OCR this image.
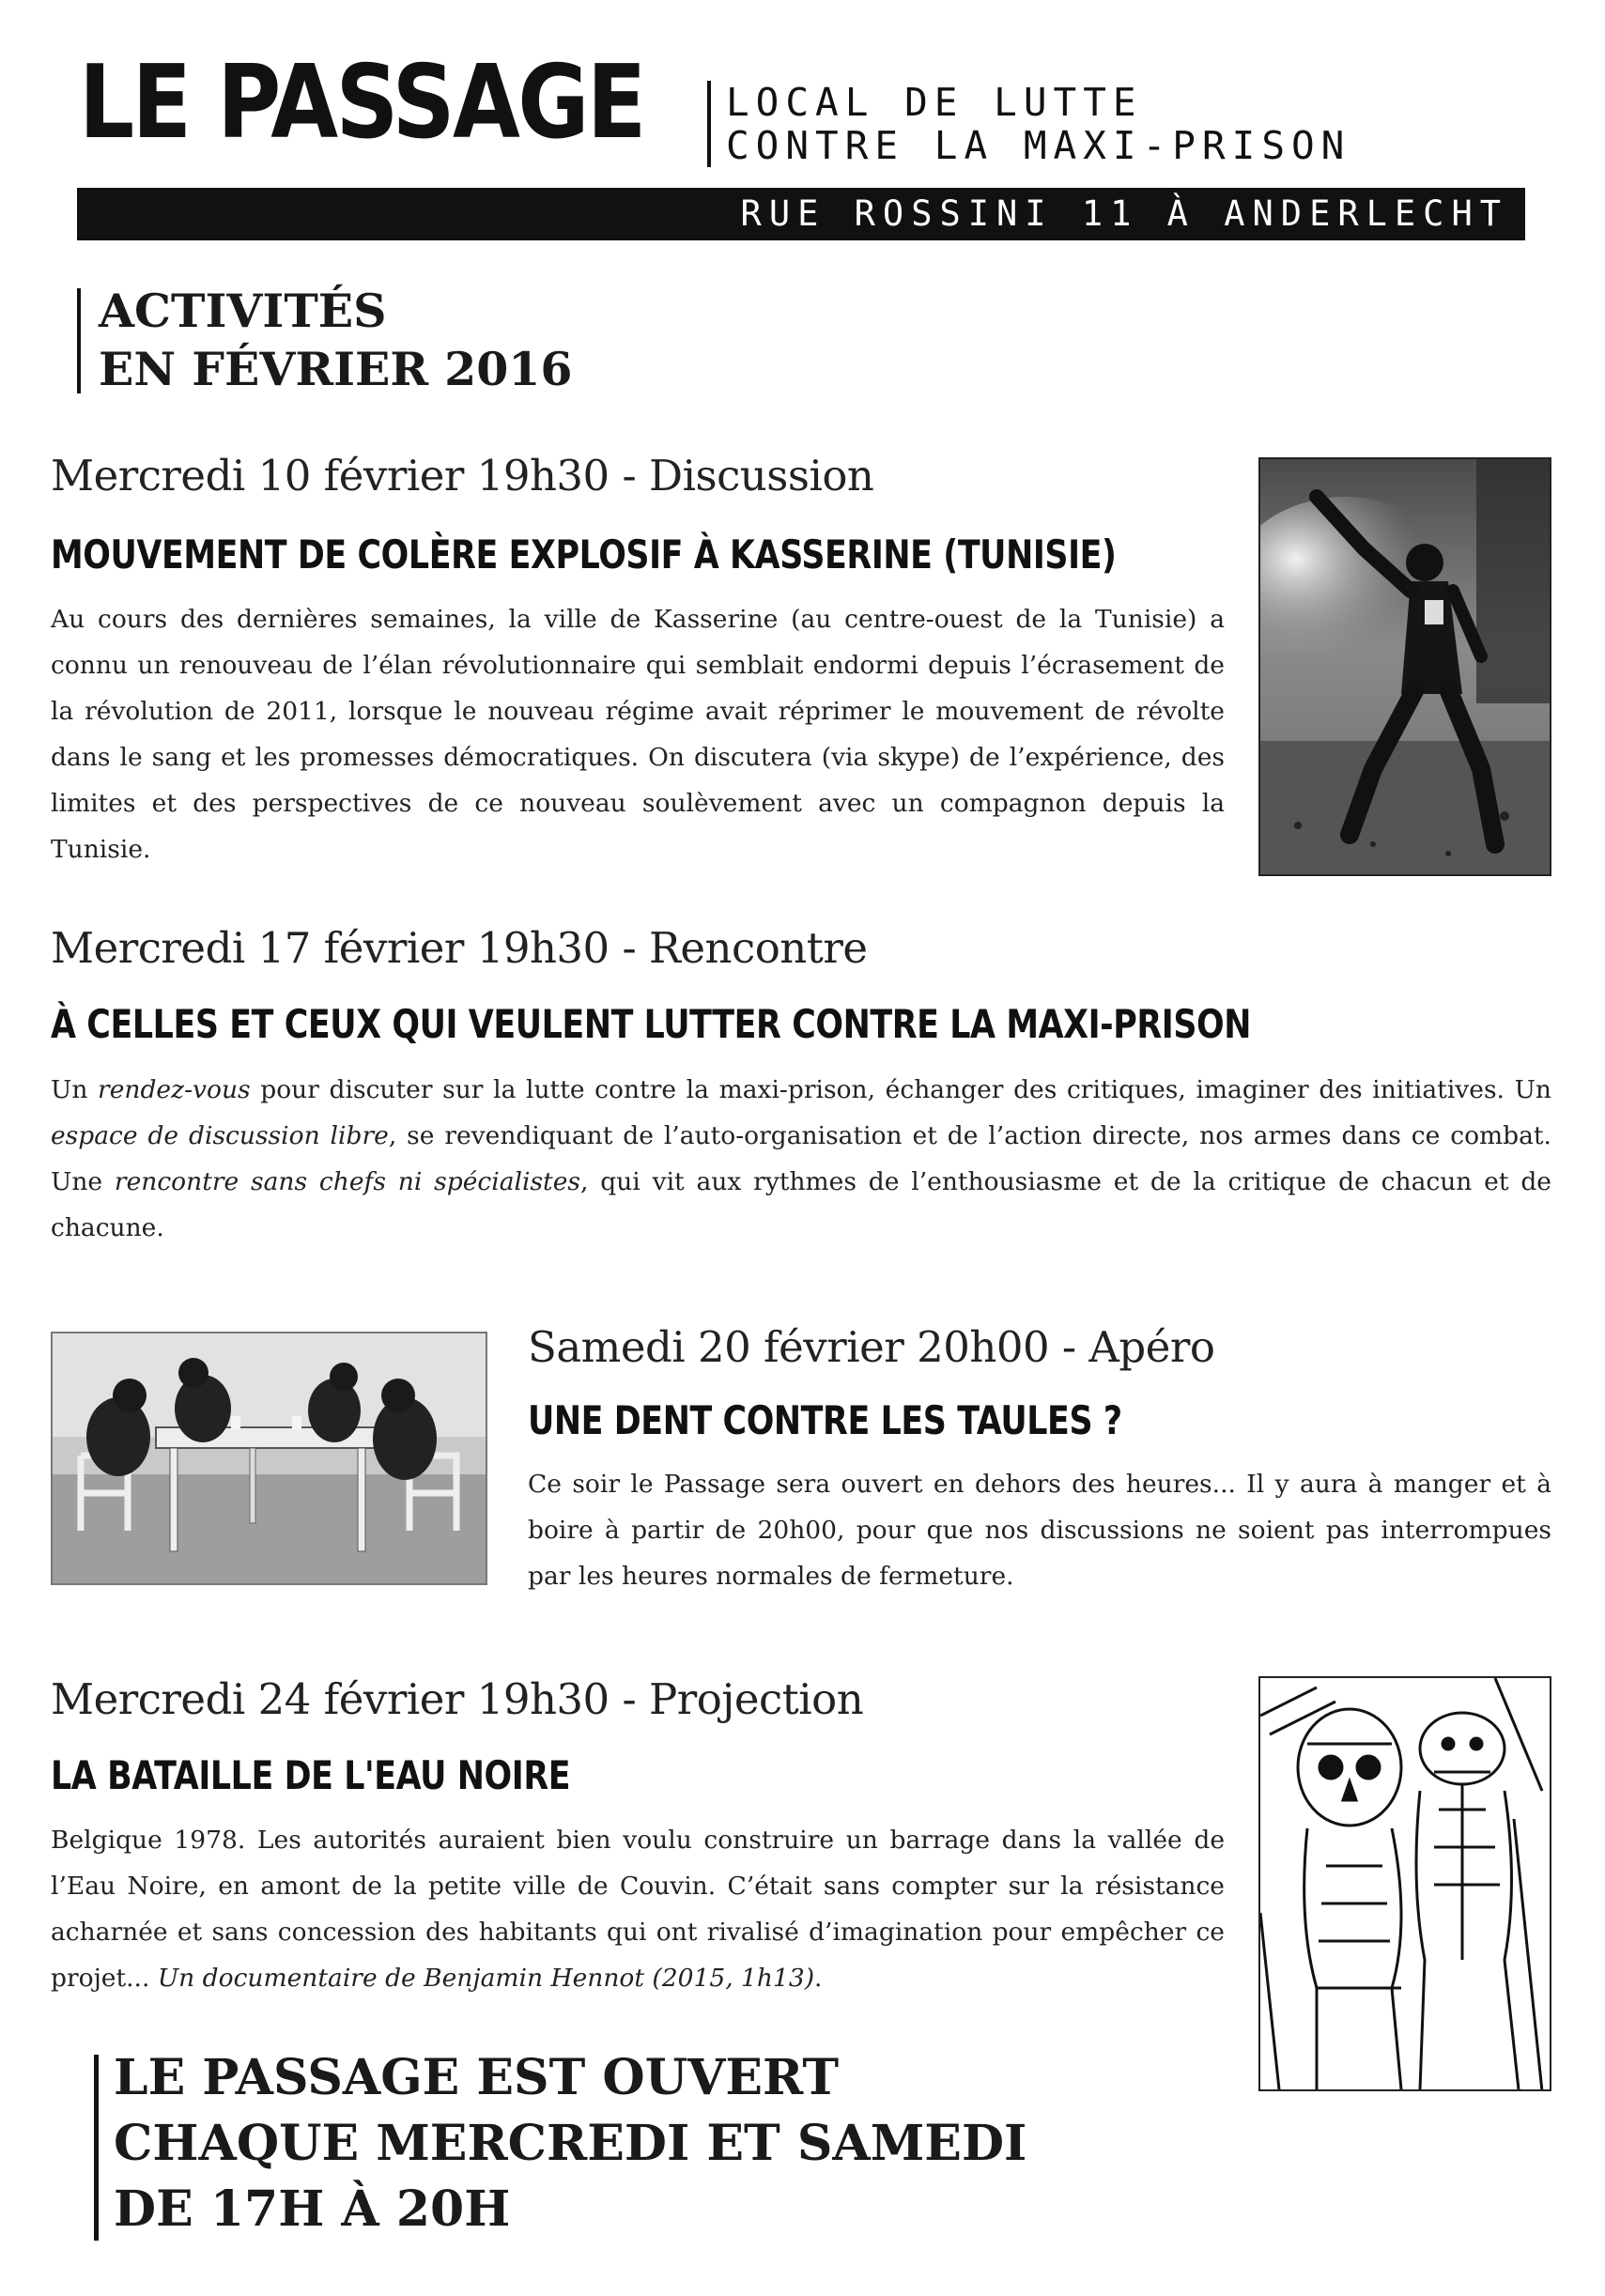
LE PASSAGE LOCAL DE LUTTE
CONTRE LA MAXI-PRISON
RUE ROSSINI 11 À ANDERLECHT
ACTIVITÉS
EN FÉVRIER 2016
Mercredi 10 février 19h30 - Discussion
MOUVEMENT DE COLÈRE EXPLOSIF À KASSERINE (TUNISIE)

Au cours des dernières semaines, la ville de Kasserine (au centre-ouest de la Tunisie) a connu un renouveau de l’élan révolutionnaire qui semblait endormi depuis l’écrasement de la révolution de 2011, lorsque le nouveau régime avait réprimer le mouvement de révolte dans le sang et les promesses démocratiques. On discutera (via skype) de l’expérience, des limites et des perspectives de ce nouveau soulèvement avec un compagnon depuis la Tunisie.

Mercredi 17 février 19h30 - Rencontre
À CELLES ET CEUX QUI VEULENT LUTTER CONTRE LA MAXI-PRISON

Un rendez-vous pour discuter sur la lutte contre la maxi-prison, échanger des critiques, imaginer des initiatives. Un espace de discussion libre, se revendiquant de l’auto-organisation et de l’action directe, nos armes dans ce combat. Une rencontre sans chefs ni spécialistes, qui vit aux rythmes de l’enthousiasme et de la critique de chacun et de chacune.

Samedi 20 février 20h00 - Apéro
UNE DENT CONTRE LES TAULES ?

Ce soir le Passage sera ouvert en dehors des heures... Il y aura à manger et à boire à partir de 20h00, pour que nos discussions ne soient pas interrompues par les heures normales de fermeture.

Mercredi 24 février 19h30 - Projection
LA BATAILLE DE L'EAU NOIRE

Belgique 1978. Les autorités auraient bien voulu construire un barrage dans la vallée de l’Eau Noire, en amont de la petite ville de Couvin. C’était sans compter sur la résistance acharnée et sans concession des habitants qui ont rivalisé d’imagination pour empêcher ce projet... Un documentaire de Benjamin Hennot (2015, 1h13).

LE PASSAGE EST OUVERT
CHAQUE MERCREDI ET SAMEDI
DE 17H À 20H
